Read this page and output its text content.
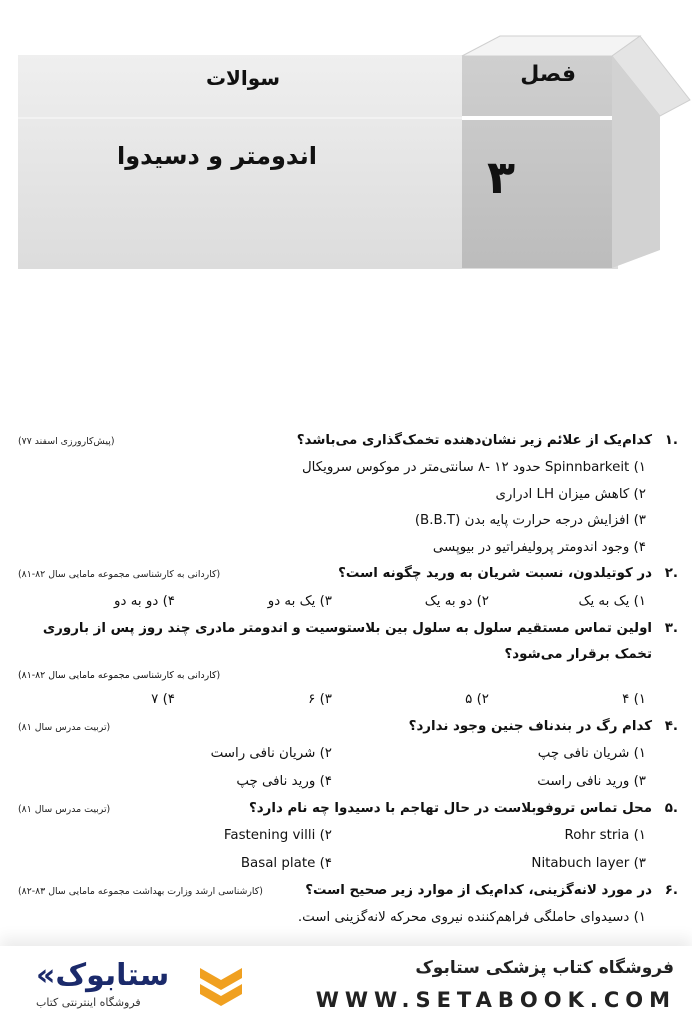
فصل
۳
سوالات
اندومتر و دسیدوا
.۱
کدام‌یک از علائم زیر نشان‌دهنده تخمک‌گذاری می‌باشد؟
(پیش‌کارورزی اسفند ۷۷)
۱) Spinnbarkeit حدود ۱۲ -۸ سانتی‌متر در موکوس سرویکال
۲) کاهش میزان LH ادراری
۳) افزایش درجه حرارت پایه بدن (B.B.T)
۴) وجود اندومتر پرولیفراتیو در بیوپسی
.۲
در کوتیلدون، نسبت شریان به ورید چگونه است؟
(کاردانی به کارشناسی مجموعه مامایی سال ۸۲-۸۱)
۱) یک به یک
۲) دو به یک
۳) یک به دو
۴) دو به دو
.۳
اولین تماس مستقیم سلول به سلول بین بلاستوسیت و اندومتر مادری چند روز پس از باروری تخمک برقرار می‌شود؟
(کاردانی به کارشناسی مجموعه مامایی سال ۸۲-۸۱)
۱) ۴
۲) ۵
۳) ۶
۴) ۷
.۴
کدام رگ در بندناف جنین وجود ندارد؟
(تربیت مدرس سال ۸۱)
۱) شریان نافی چپ
۲) شریان نافی راست
۳) ورید نافی راست
۴) ورید نافی چپ
.۵
محل تماس تروفوبلاست در حال تهاجم با دسیدوا چه نام دارد؟
(تربیت مدرس سال ۸۱)
۱) Rohr stria
۲) Fastening villi
۳) Nitabuch layer
۴) Basal plate
.۶
در مورد لانه‌گزینی، کدام‌یک از موارد زیر صحیح است؟
(کارشناسی ارشد وزارت بهداشت مجموعه مامایی سال ۸۳-۸۲)
۱) دسیدوای حاملگی فراهم‌کننده نیروی محرکه لانه‌گزینی است.
فروشگاه کتاب پزشکی ستابوک
WWW.SETABOOK.COM
«ستابوک
فروشگاه اینترنتی کتاب
